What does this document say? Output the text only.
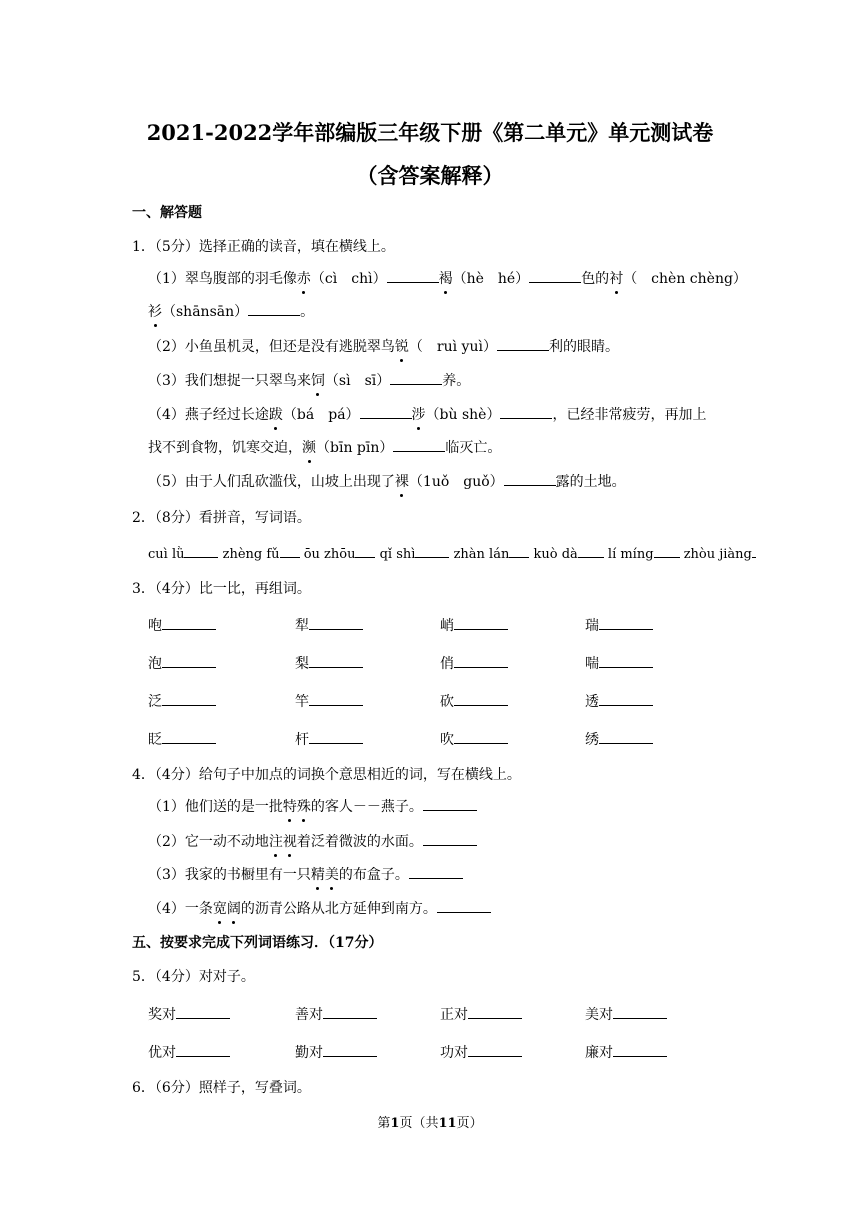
2021-2022学年部编版三年级下册《第二单元》单元测试卷
（含答案解释）
一、解答题
1．（5分）选择正确的读音，填在横线上。
（1）翠鸟腹部的羽毛像赤（cì　chì）	褐（hè　hé）	色的衬（　chèn chèng）
衫（shānsān）	。
（2）小鱼虽机灵，但还是没有逃脱翠鸟锐（　ruì yuì）	利的眼睛。
（3）我们想捉一只翠鸟来饲（sì　sī）	养。
（4）燕子经过长途跋（bá　pá）	涉（bù shè）	，已经非常疲劳，再加上
找不到食物，饥寒交迫，濒（bīn pīn）	临灭亡。
（5）由于人们乱砍滥伐，山坡上出现了裸（1uǒ　guǒ）	露的土地。
2．（8分）看拼音，写词语。
cuì lǜ	zhèng fǔ ōu zhōu qǐ shì	zhàn lán kuò dà lí míng zhòu jiàng
3．（4分）比一比，再组词。
咆	犁	峭	瑞
泡	梨	俏	喘
泛	竿	砍	透
眨	杆	吹	绣
4．（4分）给句子中加点的词换个意思相近的词，写在横线上。
（1）他们送的是一批特殊的客人－－燕子。
（2）它一动不动地注视着泛着微波的水面。
（3）我家的书橱里有一只精美的布盒子。
（4）一条宽阔的沥青公路从北方延伸到南方。
五、按要求完成下列词语练习．（17分）
5．（4分）对对子。
奖对	善对	正对	美对
优对	勤对	功对	廉对
6．（6分）照样子，写叠词。
第1页（共11页）
